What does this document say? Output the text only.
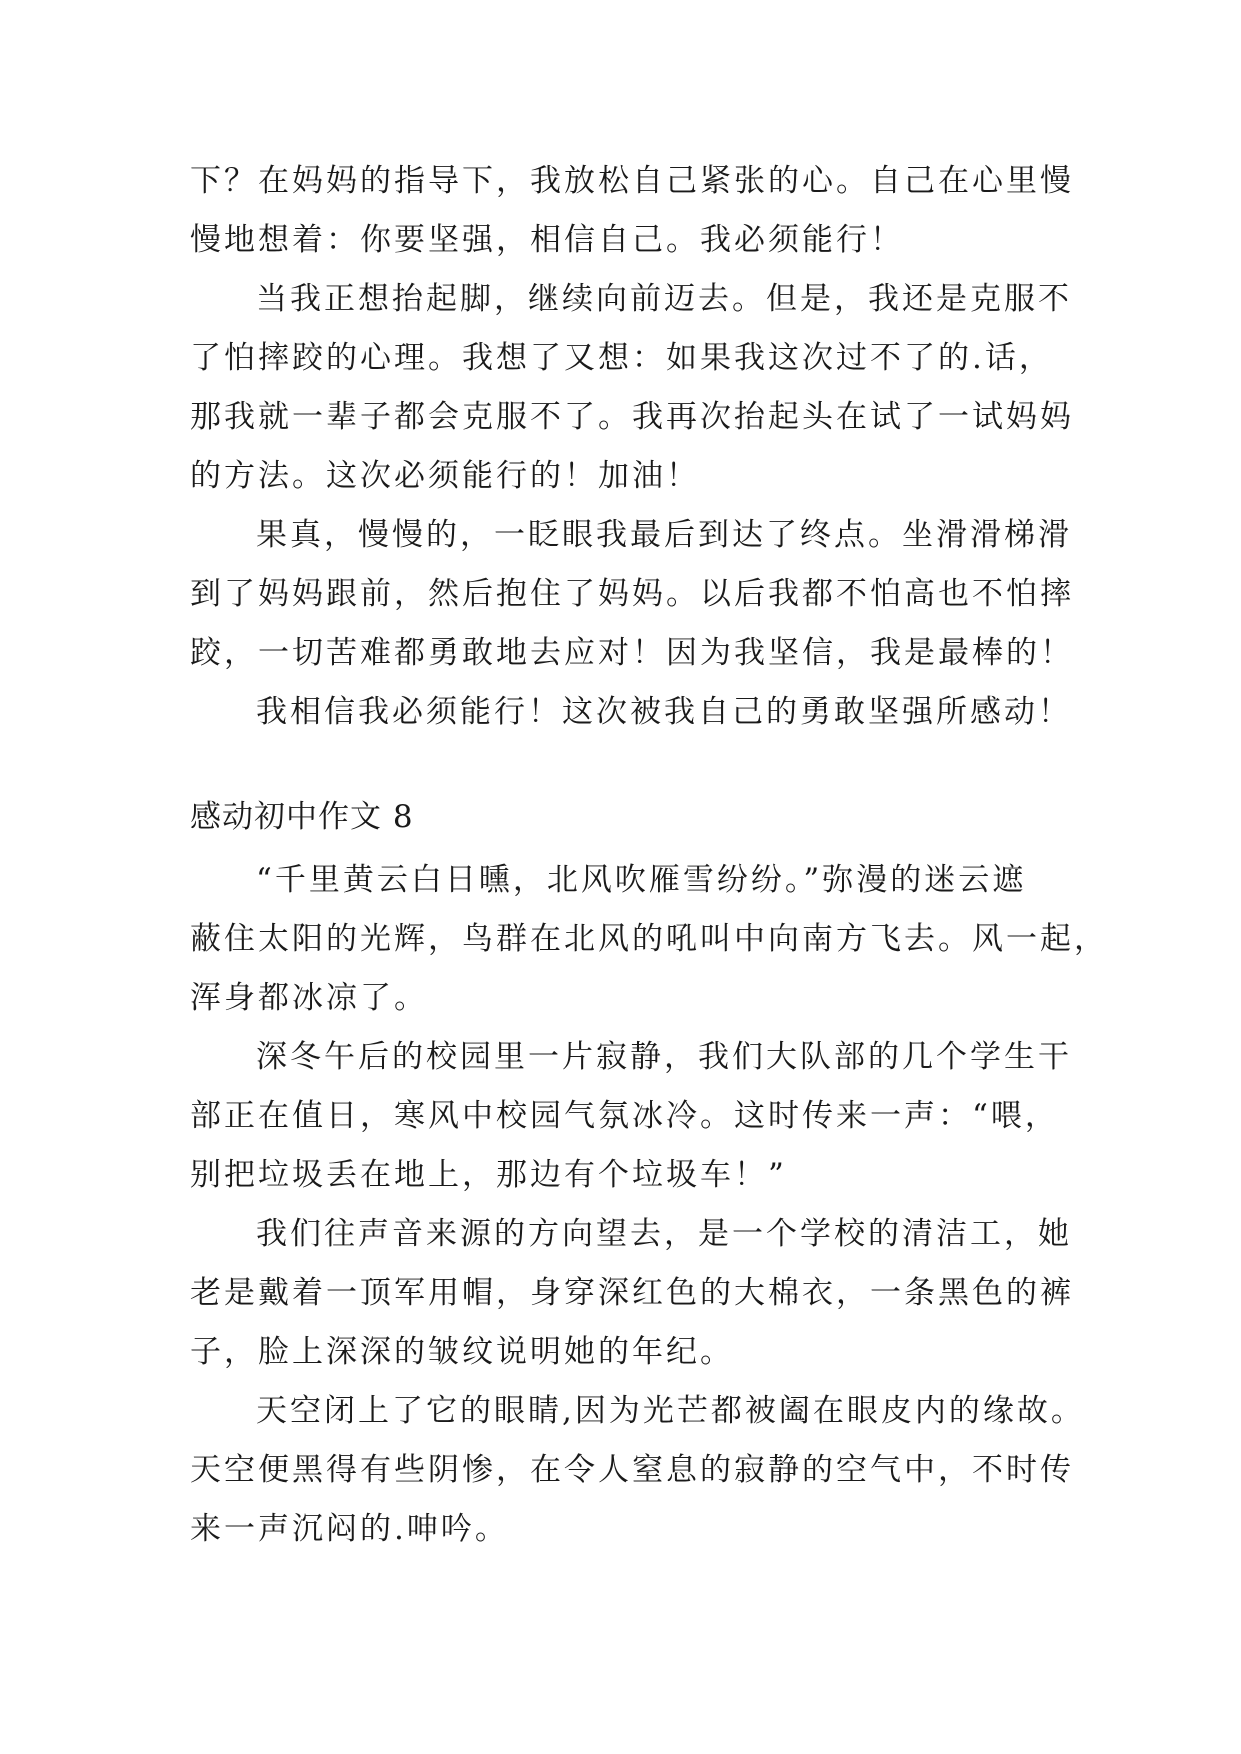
下？在妈妈的指导下，我放松自己紧张的心。自己在心里慢
慢地想着：你要坚强，相信自己。我必须能行！
当我正想抬起脚，继续向前迈去。但是，我还是克服不
了怕摔跤的心理。我想了又想：如果我这次过不了的.话，
那我就一辈子都会克服不了。我再次抬起头在试了一试妈妈
的方法。这次必须能行的！加油！
果真，慢慢的，一眨眼我最后到达了终点。坐滑滑梯滑
到了妈妈跟前，然后抱住了妈妈。以后我都不怕高也不怕摔
跤，一切苦难都勇敢地去应对！因为我坚信，我是最棒的！
我相信我必须能行！这次被我自己的勇敢坚强所感动！
感动初中作文 8
“千里黄云白日曛，北风吹雁雪纷纷。”弥漫的迷云遮
蔽住太阳的光辉，鸟群在北风的吼叫中向南方飞去。风一起，
浑身都冰凉了。
深冬午后的校园里一片寂静，我们大队部的几个学生干
部正在值日，寒风中校园气氛冰冷。这时传来一声：“喂，
别把垃圾丢在地上，那边有个垃圾车！”
我们往声音来源的方向望去，是一个学校的清洁工，她
老是戴着一顶军用帽，身穿深红色的大棉衣，一条黑色的裤
子，脸上深深的皱纹说明她的年纪。
天空闭上了它的眼睛,因为光芒都被阖在眼皮内的缘故。
天空便黑得有些阴惨，在令人窒息的寂静的空气中，不时传
来一声沉闷的.呻吟。
